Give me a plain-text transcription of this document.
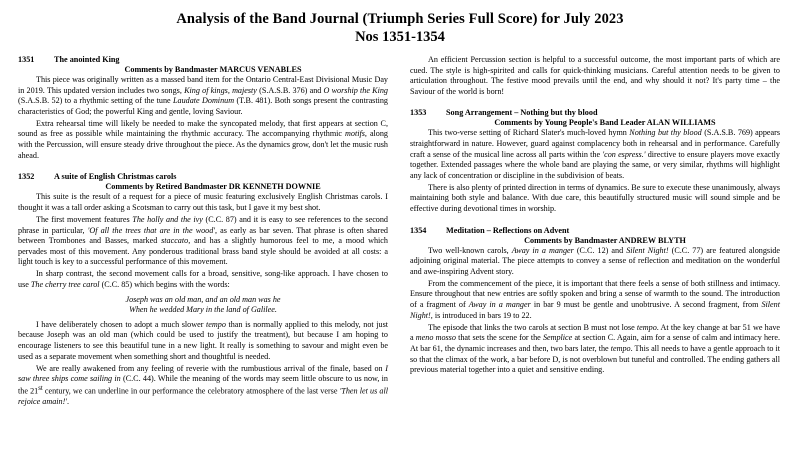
Analysis of the Band Journal (Triumph Series Full Score) for July 2023
Nos 1351-1354
1351	The anointed King
Comments by Bandmaster MARCUS VENABLES

This piece was originally written as a massed band item for the Ontario Central-East Divisional Music Day in 2019. This updated version includes two songs, King of kings, majesty (S.A.S.B. 376) and O worship the King (S.A.S.B. 52) to a rhythmic setting of the tune Laudate Dominum (T.B. 481). Both songs present the contrasting characteristics of God; the powerful King and gentle, loving Saviour.

Extra rehearsal time will likely be needed to make the syncopated melody, that first appears at section C, sound as free as possible while maintaining the rhythmic accuracy. The accompanying rhythmic motifs, along with the Percussion, will ensure steady drive throughout the piece. As the dynamics grow, don't let the music rush ahead.

1352	A suite of English Christmas carols
Comments by Retired Bandmaster DR KENNETH DOWNIE

This suite is the result of a request for a piece of music featuring exclusively English Christmas carols. I thought it was a tall order asking a Scotsman to carry out this task, but I gave it my best shot.

The first movement features The holly and the ivy (C.C. 87) and it is easy to see references to the second phrase in particular, 'Of all the trees that are in the wood', as early as bar seven. That phrase is often shared between Trombones and Basses, marked staccato, and has a slightly humorous feel to me, a mood which pervades most of this movement. Any ponderous traditional brass band style should be avoided at all costs: a light touch is key to a successful performance of this movement.

In sharp contrast, the second movement calls for a broad, sensitive, song-like approach. I have chosen to use The cherry tree carol (C.C. 85) which begins with the words:

Joseph was an old man, and an old man was he
When he wedded Mary in the land of Galilee.

I have deliberately chosen to adopt a much slower tempo than is normally applied to this melody, not just because Joseph was an old man (which could be used to justify the treatment), but because I am hoping to encourage listeners to see this beautiful tune in a new light. It really is something to savour and might even be used as a separate movement when something short and thoughtful is needed.

We are really awakened from any feeling of reverie with the rumbustious arrival of the finale, based on I saw three ships come sailing in (C.C. 44). While the meaning of the words may seem little obscure to us now, in the 21st century, we can underline in our performance the celebratory atmosphere of the last verse 'Then let us all rejoice amain!'.

An efficient Percussion section is helpful to a successful outcome, the most important parts of which are cued. The style is high-spirited and calls for quick-thinking musicians. Careful attention needs to be given to articulation throughout. The festive mood prevails until the end, and why should it not? It's party time – the Saviour of the world is born!

1353	Song Arrangement – Nothing but thy blood
Comments by Young People's Band Leader ALAN WILLIAMS

This two-verse setting of Richard Slater's much-loved hymn Nothing but thy blood (S.A.S.B. 769) appears straightforward in nature. However, guard against complacency both in rehearsal and in performance. Carefully craft a sense of the musical line across all parts within the 'con espress.' directive to ensure players move exactly together. Extended passages where the whole band are playing the same, or very similar, rhythms will highlight any lack of concentration or discipline in the subdivision of beats.

There is also plenty of printed direction in terms of dynamics. Be sure to execute these unanimously, always maintaining both style and balance. With due care, this beautifully structured music will sound simple and be effective during devotional times in worship.

1354	Meditation – Reflections on Advent
Comments by Bandmaster ANDREW BLYTH

Two well-known carols, Away in a manger (C.C. 12) and Silent Night! (C.C. 77) are featured alongside adjoining original material. The piece attempts to convey a sense of reflection and meditation on the wonderful and awe-inspiring Advent story.

From the commencement of the piece, it is important that there feels a sense of both stillness and intimacy. Ensure throughout that new entries are softly spoken and bring a sense of warmth to the sound. The introduction of a fragment of Away in a manger in bar 9 must be gentle and unobtrusive. A second fragment, from Silent Night!, is introduced in bars 19 to 22.

The episode that links the two carols at section B must not lose tempo. At the key change at bar 51 we have a meno mosso that sets the scene for the Semplice at section C. Again, aim for a sense of calm and intimacy here. At bar 61, the dynamic increases and then, two bars later, the tempo. This all needs to have a gentle approach to it so that the climax of the work, a bar before D, is not overblown but tuneful and controlled. The ending gathers all previous material together into a quiet and sensitive ending.
